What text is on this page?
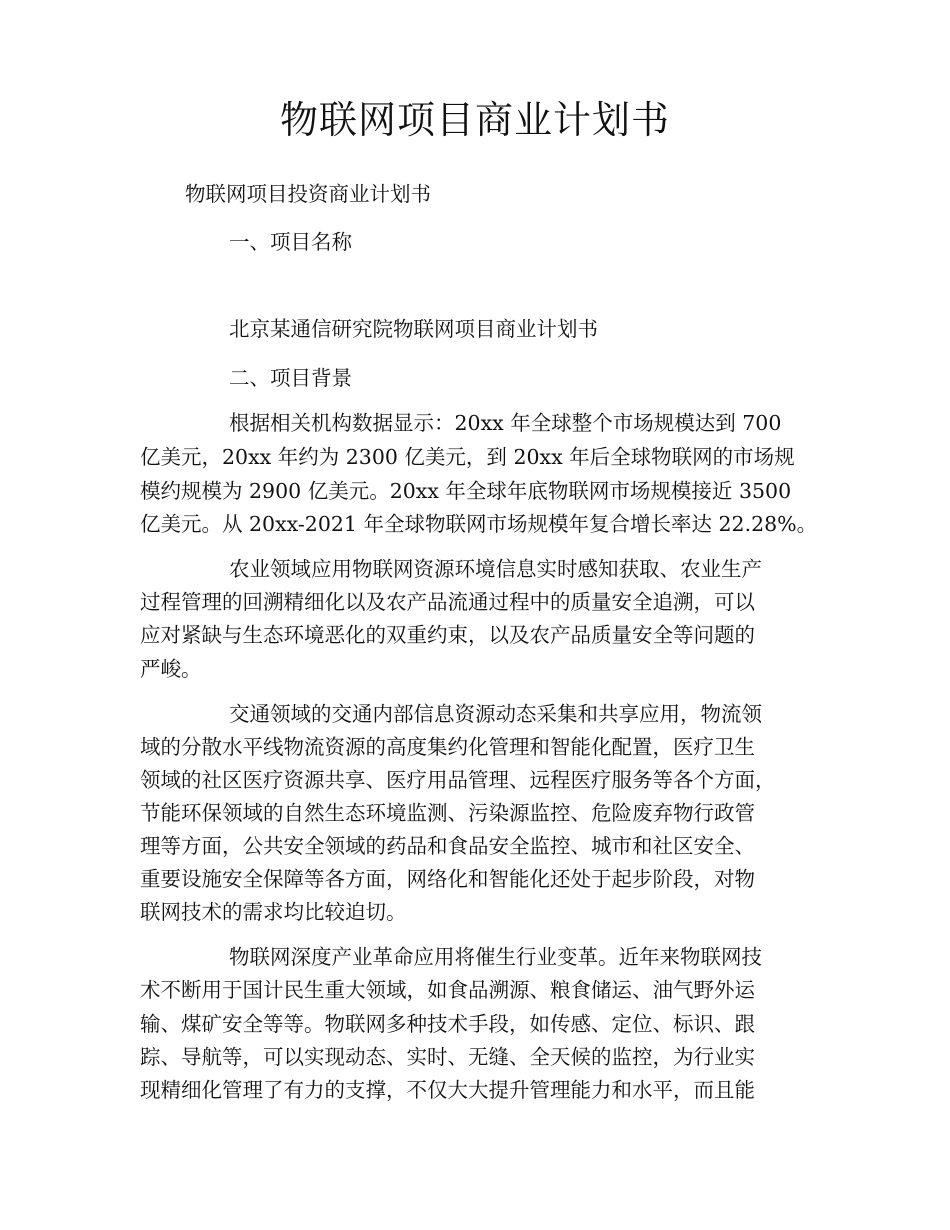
物联网项目商业计划书
物联网项目投资商业计划书
一、项目名称
北京某通信研究院物联网项目商业计划书
二、项目背景
根据相关机构数据显示：20xx 年全球整个市场规模达到 700
亿美元，20xx 年约为 2300 亿美元，到 20xx 年后全球物联网的市场规
模约规模为 2900 亿美元。20xx 年全球年底物联网市场规模接近 3500
亿美元。从 20xx-2021 年全球物联网市场规模年复合增长率达 22.28%。
农业领域应用物联网资源环境信息实时感知获取、农业生产
过程管理的回溯精细化以及农产品流通过程中的质量安全追溯，可以
应对紧缺与生态环境恶化的双重约束，以及农产品质量安全等问题的
严峻。
交通领域的交通内部信息资源动态采集和共享应用，物流领
域的分散水平线物流资源的高度集约化管理和智能化配置，医疗卫生
领域的社区医疗资源共享、医疗用品管理、远程医疗服务等各个方面，
节能环保领域的自然生态环境监测、污染源监控、危险废弃物行政管
理等方面，公共安全领域的药品和食品安全监控、城市和社区安全、
重要设施安全保障等各方面，网络化和智能化还处于起步阶段，对物
联网技术的需求均比较迫切。
物联网深度产业革命应用将催生行业变革。近年来物联网技
术不断用于国计民生重大领域，如食品溯源、粮食储运、油气野外运
输、煤矿安全等等。物联网多种技术手段，如传感、定位、标识、跟
踪、导航等，可以实现动态、实时、无缝、全天候的监控，为行业实
现精细化管理了有力的支撑，不仅大大提升管理能力和水平，而且能
